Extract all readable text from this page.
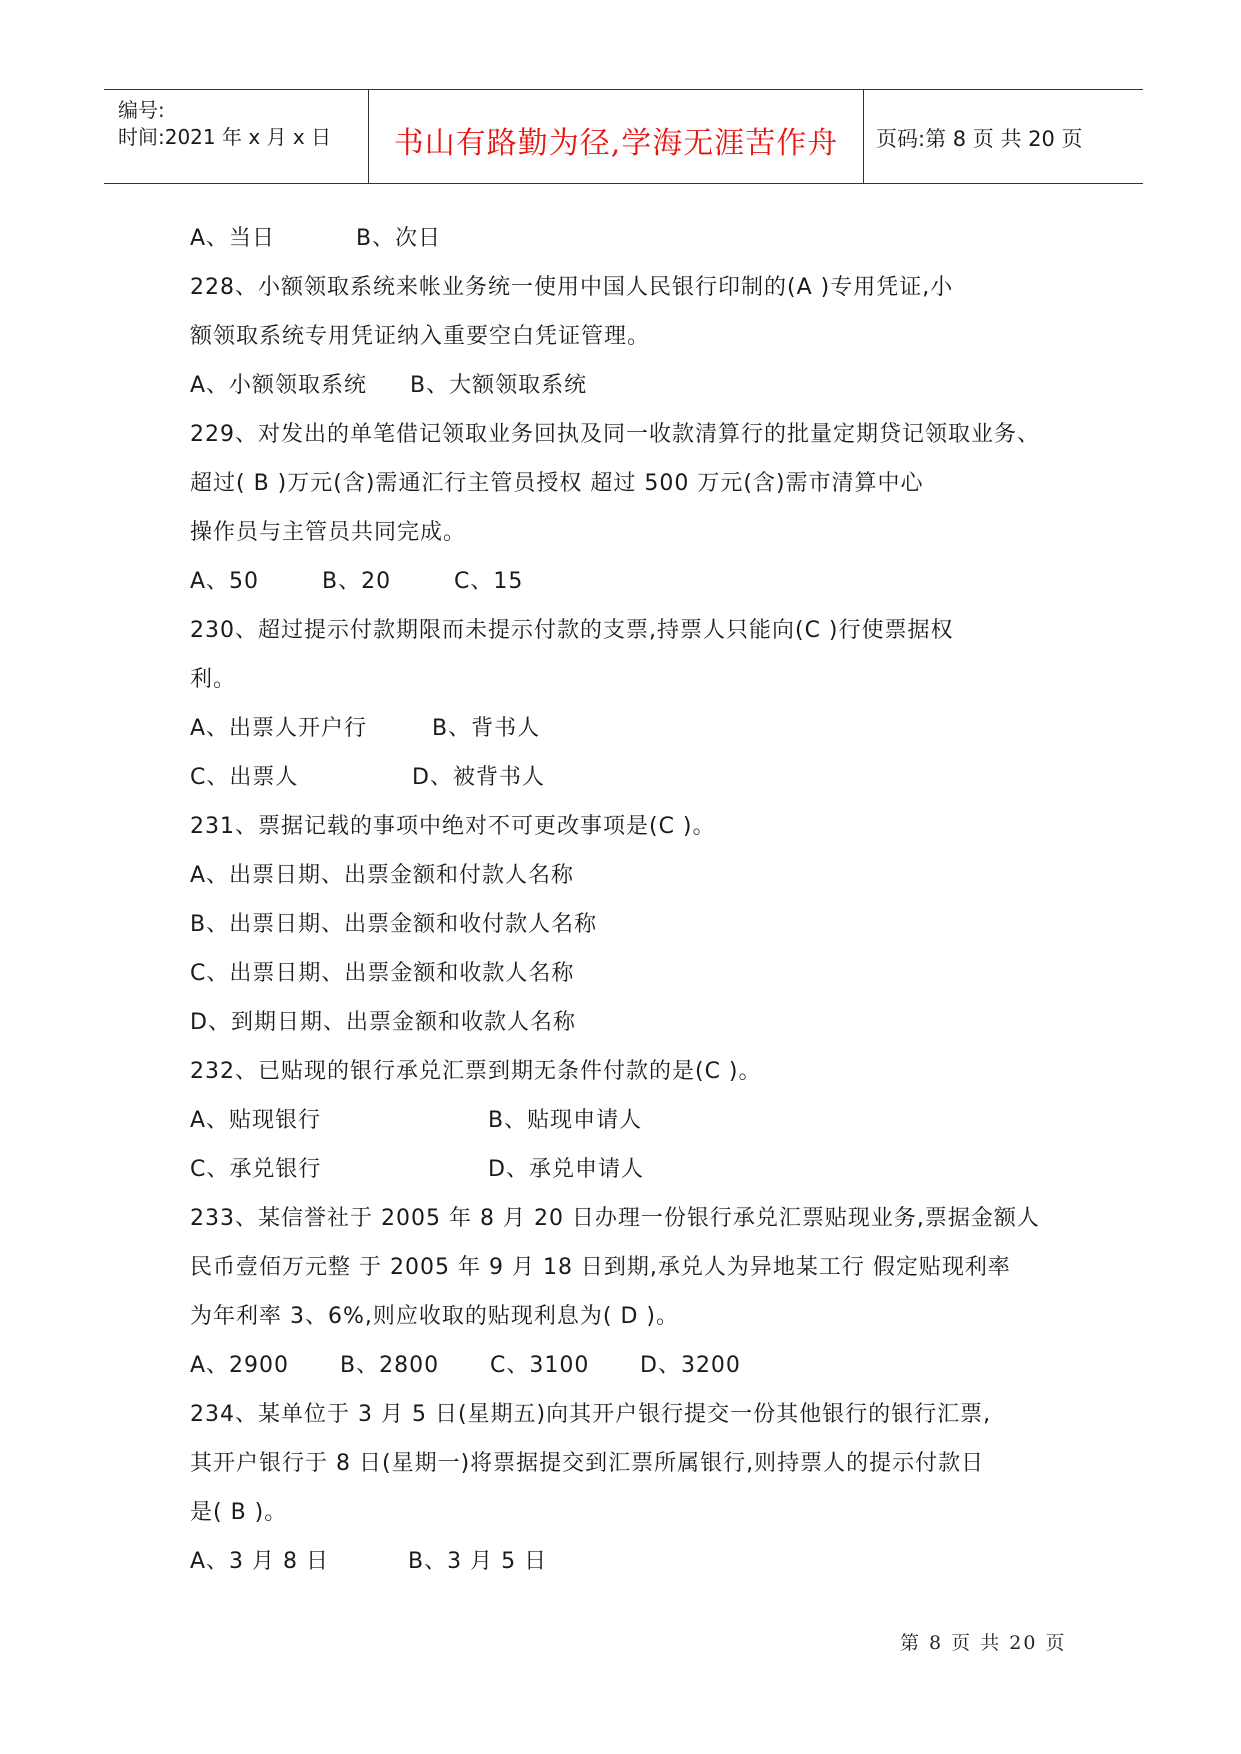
编号:
时间:2021 年 x 月 x 日	书山有路勤为径,学海无涯苦作舟	页码:第 8 页 共 20 页
A、当日	B、次日
228、小额领取系统来帐业务统一使用中国人民银行印制的(A )专用凭证,小
额领取系统专用凭证纳入重要空白凭证管理。
A、小额领取系统 B、大额领取系统
229、对发出的单笔借记领取业务回执及同一收款清算行的批量定期贷记领取业务、
超过( B )万元(含)需通汇行主管员授权 超过 500 万元(含)需市清算中心
操作员与主管员共同完成。
A、50	B、20	C、15
230、超过提示付款期限而未提示付款的支票,持票人只能向(C )行使票据权
利。
A、出票人开户行	B、背书人
C、出票人	D、被背书人
231、票据记载的事项中绝对不可更改事项是(C )。
A、出票日期、出票金额和付款人名称
B、出票日期、出票金额和收付款人名称
C、出票日期、出票金额和收款人名称
D、到期日期、出票金额和收款人名称
232、已贴现的银行承兑汇票到期无条件付款的是(C )。
A、贴现银行	B、贴现申请人
C、承兑银行	D、承兑申请人
233、某信誉社于 2005 年 8 月 20 日办理一份银行承兑汇票贴现业务,票据金额人
民币壹佰万元整 于 2005 年 9 月 18 日到期,承兑人为异地某工行 假定贴现利率
为年利率 3、6%,则应收取的贴现利息为( D )。
A、2900 B、2800 C、3100 D、3200
234、某单位于 3 月 5 日(星期五)向其开户银行提交一份其他银行的银行汇票,
其开户银行于 8 日(星期一)将票据提交到汇票所属银行,则持票人的提示付款日
是( B )。
A、3 月 8 日	B、3 月 5 日
第 8 页 共 20 页
